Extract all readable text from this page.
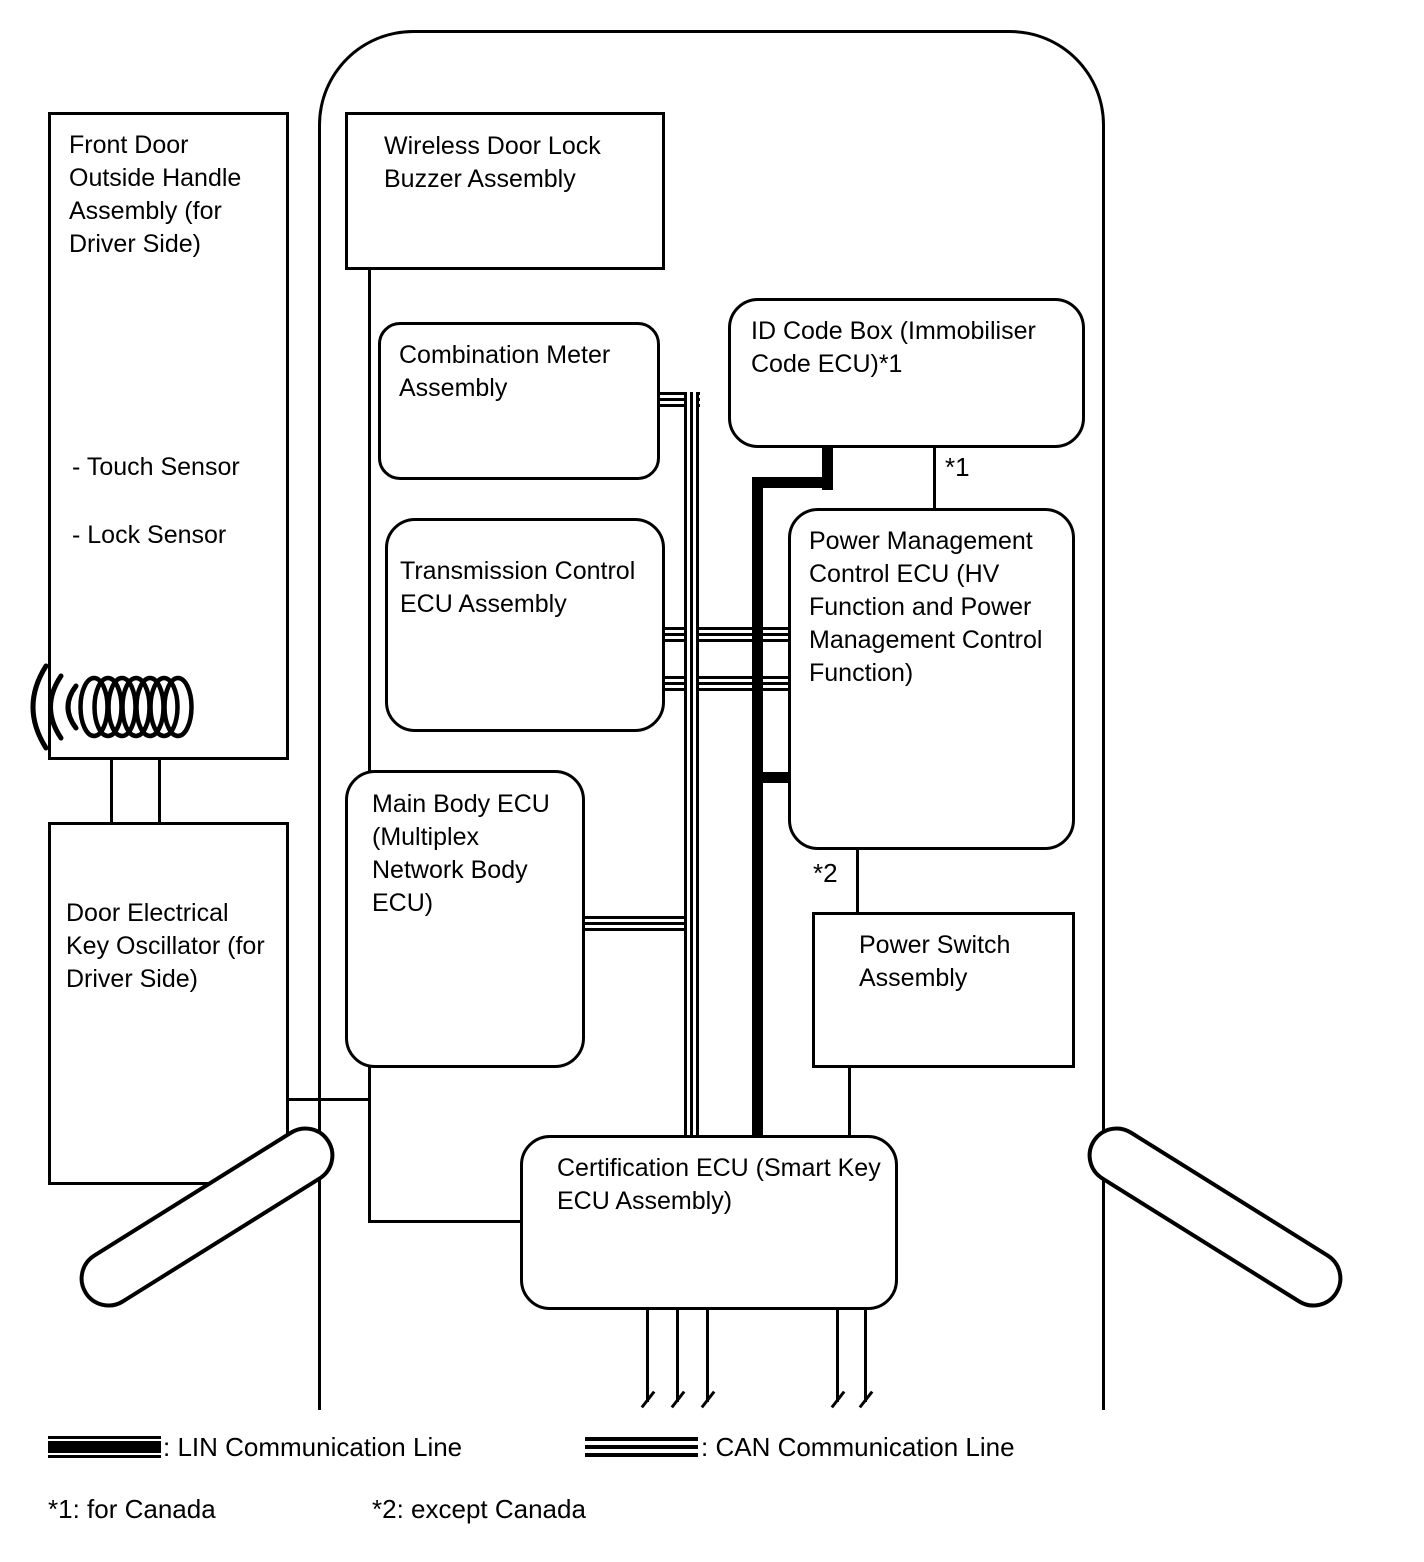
Front Door Outside Handle Assembly (for Driver Side)
- Touch Sensor
- Lock Sensor
Door Electrical Key Oscillator (for Driver Side)
Wireless Door Lock Buzzer Assembly
Combination Meter Assembly
ID Code Box (Immobiliser Code ECU)*1
Transmission Control ECU Assembly
Power Management Control ECU (HV Function and Power Management Control Function)
Main Body ECU (Multiplex Network Body ECU)
Power Switch Assembly
Certification ECU (Smart Key ECU Assembly)
*1
*2
: LIN Communication Line	: CAN Communication Line
*1: for Canada	*2: except Canada
